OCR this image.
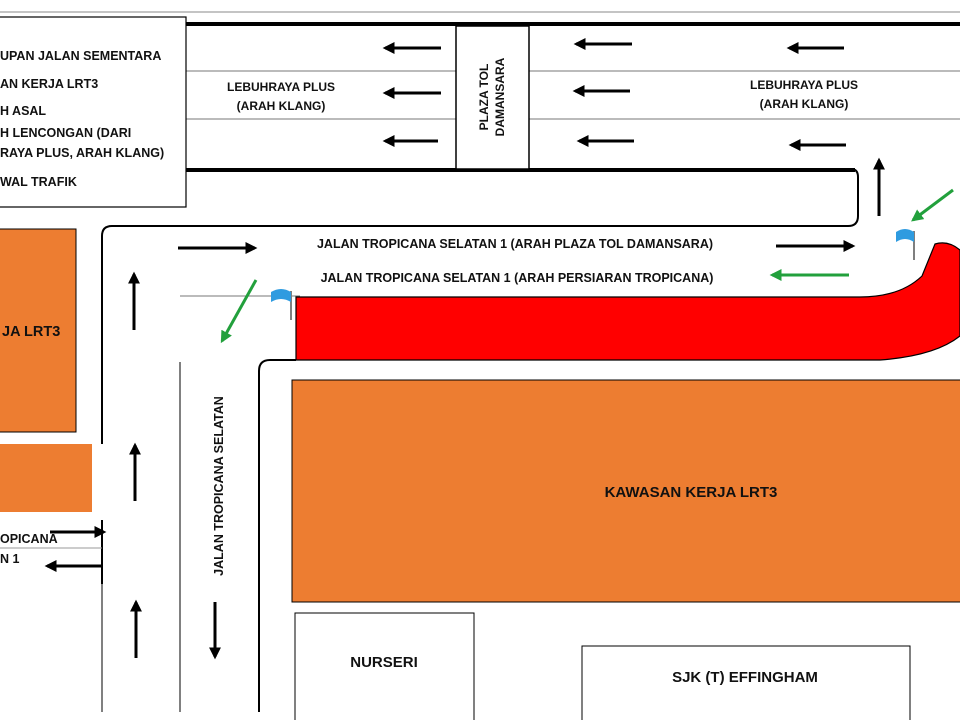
PLAZA TOL DAMANSARA
LEBUHRAYA PLUS
(ARAH KLANG)
LEBUHRAYA PLUS
(ARAH KLANG)
UPAN JALAN SEMENTARA
AN KERJA LRT3
H ASAL
H LENCONGAN (DARI
RAYA PLUS, ARAH KLANG)
WAL TRAFIK
JALAN TROPICANA SELATAN 1 (ARAH PLAZA TOL DAMANSARA)
JALAN TROPICANA SELATAN 1 (ARAH PERSIARAN TROPICANA)
JALAN TROPICANA SELATAN
OPICANA
N 1
JA LRT3
KAWASAN KERJA LRT3
NURSERI
SJK (T) EFFINGHAM
